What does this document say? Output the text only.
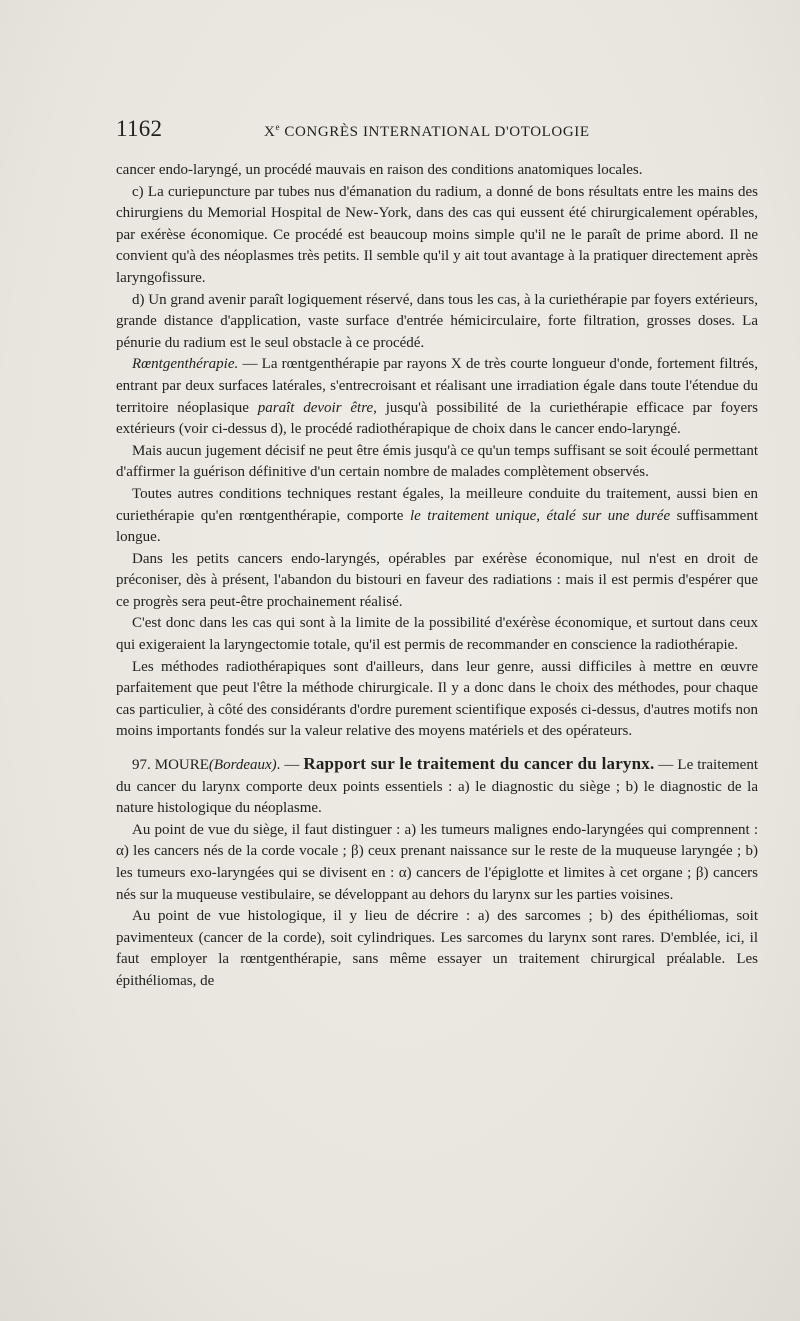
1162	Xe CONGRÈS INTERNATIONAL D'OTOLOGIE

cancer endo-laryngé, un procédé mauvais en raison des conditions anatomiques locales.

c) La curiepuncture par tubes nus d'émanation du radium, a donné de bons résultats entre les mains des chirurgiens du Memorial Hospital de New-York, dans des cas qui eussent été chirurgicalement opérables, par exérèse économique. Ce procédé est beaucoup moins simple qu'il ne le paraît de prime abord. Il ne convient qu'à des néoplasmes très petits. Il semble qu'il y ait tout avantage à la pratiquer directement après laryngofissure.

d) Un grand avenir paraît logiquement réservé, dans tous les cas, à la curiethérapie par foyers extérieurs, grande distance d'application, vaste surface d'entrée hémicirculaire, forte filtration, grosses doses. La pénurie du radium est le seul obstacle à ce procédé.

Rœntgenthérapie. — La rœntgenthérapie par rayons X de très courte longueur d'onde, fortement filtrés, entrant par deux surfaces latérales, s'entrecroisant et réalisant une irradiation égale dans toute l'étendue du territoire néoplasique paraît devoir être, jusqu'à possibilité de la curiethérapie efficace par foyers extérieurs (voir ci-dessus d), le procédé radiothérapique de choix dans le cancer endo-laryngé.

Mais aucun jugement décisif ne peut être émis jusqu'à ce qu'un temps suffisant se soit écoulé permettant d'affirmer la guérison définitive d'un certain nombre de malades complètement observés.

Toutes autres conditions techniques restant égales, la meilleure conduite du traitement, aussi bien en curiethérapie qu'en rœntgenthérapie, comporte le traitement unique, étalé sur une durée suffisamment longue.

Dans les petits cancers endo-laryngés, opérables par exérèse économique, nul n'est en droit de préconiser, dès à présent, l'abandon du bistouri en faveur des radiations : mais il est permis d'espérer que ce progrès sera peut-être prochainement réalisé.

C'est donc dans les cas qui sont à la limite de la possibilité d'exérèse économique, et surtout dans ceux qui exigeraient la laryngectomie totale, qu'il est permis de recommander en conscience la radiothérapie.

Les méthodes radiothérapiques sont d'ailleurs, dans leur genre, aussi difficiles à mettre en œuvre parfaitement que peut l'être la méthode chirurgicale. Il y a donc dans le choix des méthodes, pour chaque cas particulier, à côté des considérants d'ordre purement scientifique exposés ci-dessus, d'autres motifs non moins importants fondés sur la valeur relative des moyens matériels et des opérateurs.

97. MOURE(Bordeaux). — Rapport sur le traitement du cancer du larynx. — Le traitement du cancer du larynx comporte deux points essentiels : a) le diagnostic du siège ; b) le diagnostic de la nature histologique du néoplasme.

Au point de vue du siège, il faut distinguer : a) les tumeurs malignes endo-laryngées qui comprennent : α) les cancers nés de la corde vocale ; β) ceux prenant naissance sur le reste de la muqueuse laryngée ; b) les tumeurs exo-laryngées qui se divisent en : α) cancers de l'épiglotte et limites à cet organe ; β) cancers nés sur la muqueuse vestibulaire, se développant au dehors du larynx sur les parties voisines.

Au point de vue histologique, il y lieu de décrire : a) des sarcomes ; b) des épithéliomas, soit pavimenteux (cancer de la corde), soit cylindriques. Les sarcomes du larynx sont rares. D'emblée, ici, il faut employer la rœntgenthérapie, sans même essayer un traitement chirurgical préalable. Les épithéliomas, de
